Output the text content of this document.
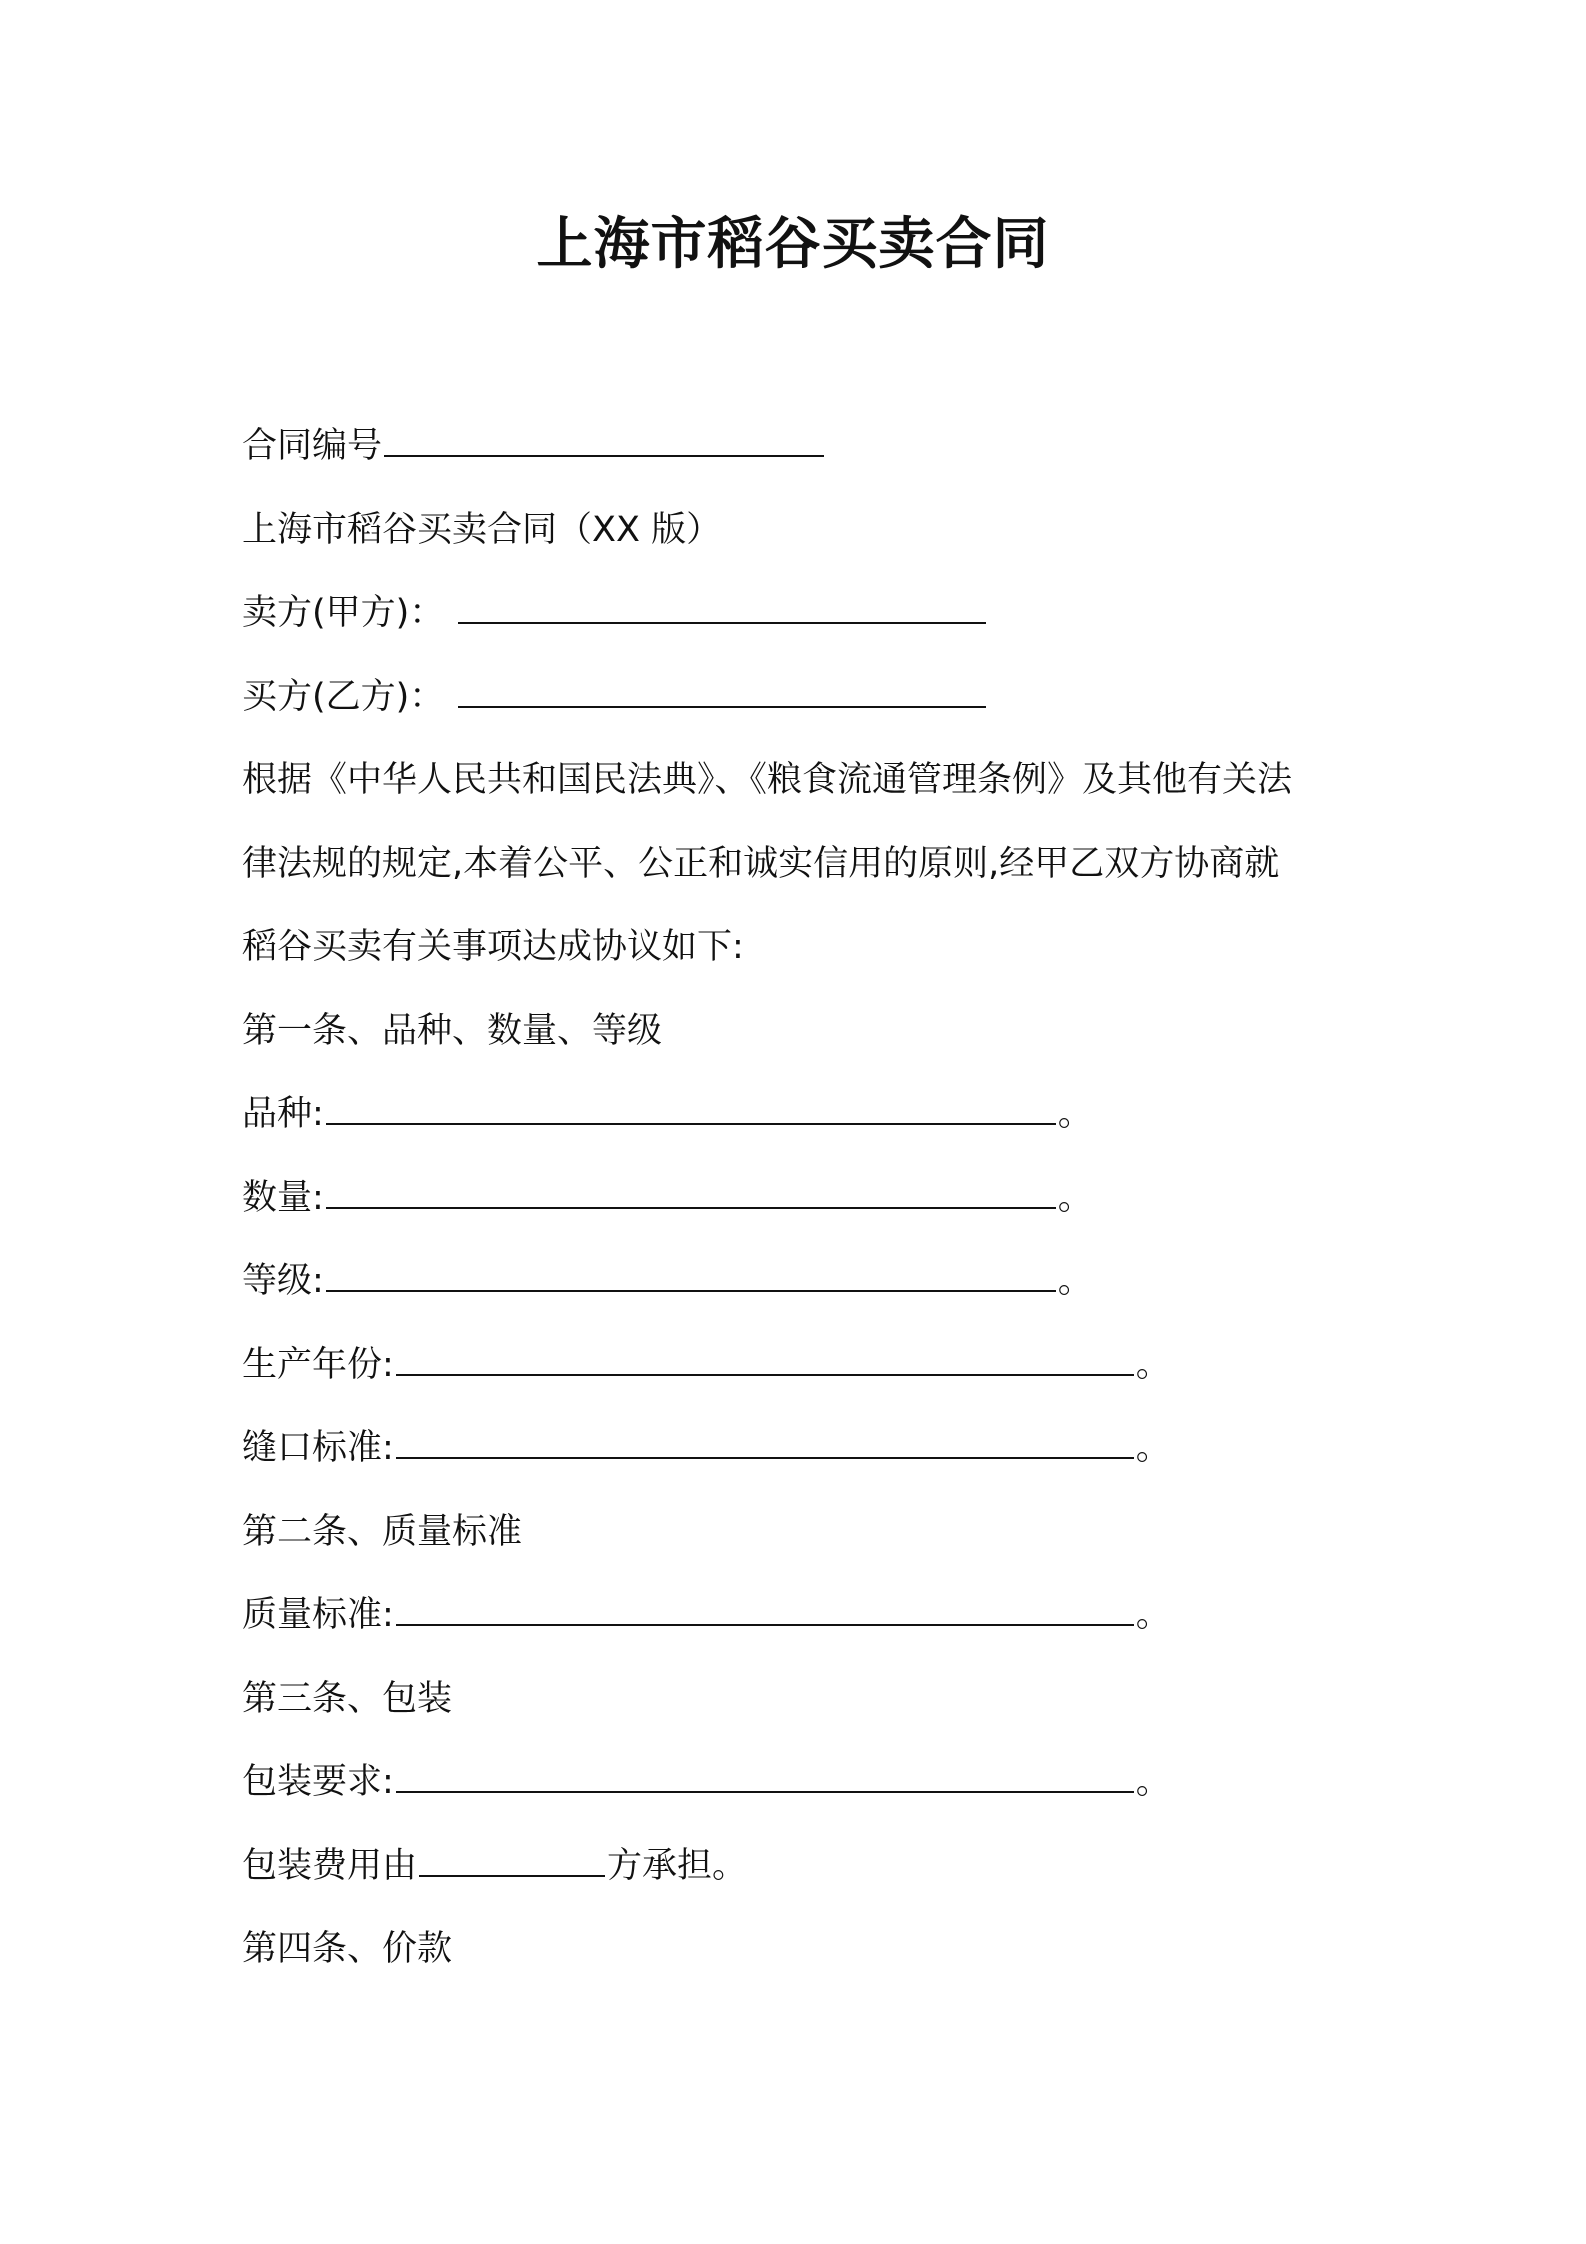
上海市稻谷买卖合同

合同编号

上海市稻谷买卖合同（XX 版）

卖方(甲方)：

买方(乙方)：

根据《中华人民共和国民法典》、《粮食流通管理条例》及其他有关法

律法规的规定,本着公平、公正和诚实信用的原则,经甲乙双方协商就

稻谷买卖有关事项达成协议如下:

第一条、品种、数量、等级

品种:	。

数量:	。

等级:	。

生产年份:	。

缝口标准:	。

第二条、质量标准

质量标准:	。

第三条、包装

包装要求:	。

包装费用由	方承担。

第四条、价款
